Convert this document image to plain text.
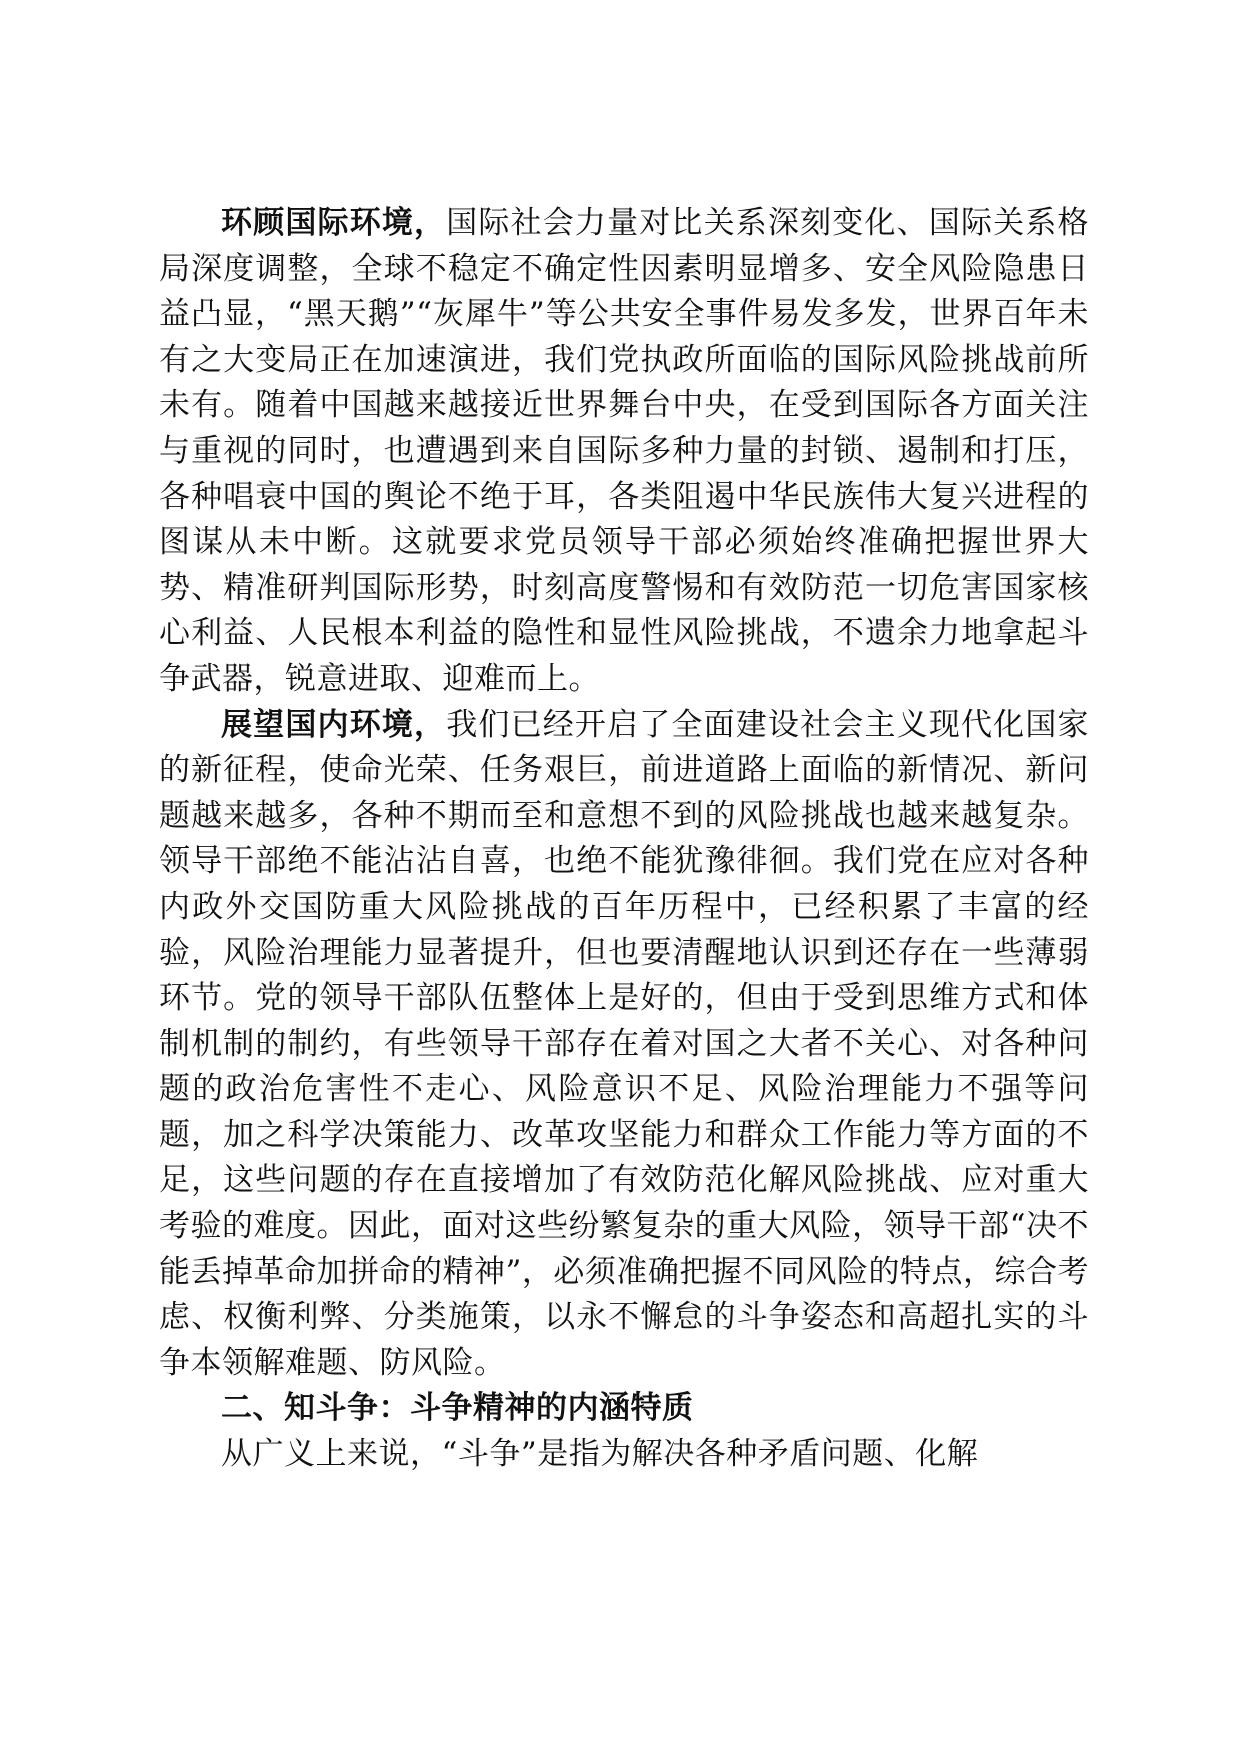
环顾国际环境，国际社会力量对比关系深刻变化、国际关系格局深度调整，全球不稳定不确定性因素明显增多、安全风险隐患日益凸显，“黑天鹅”“灰犀牛”等公共安全事件易发多发，世界百年未有之大变局正在加速演进，我们党执政所面临的国际风险挑战前所未有。随着中国越来越接近世界舞台中央，在受到国际各方面关注与重视的同时，也遭遇到来自国际多种力量的封锁、遏制和打压，各种唱衰中国的舆论不绝于耳，各类阻遏中华民族伟大复兴进程的图谋从未中断。这就要求党员领导干部必须始终准确把握世界大势、精准研判国际形势，时刻高度警惕和有效防范一切危害国家核心利益、人民根本利益的隐性和显性风险挑战，不遗余力地拿起斗争武器，锐意进取、迎难而上。

展望国内环境，我们已经开启了全面建设社会主义现代化国家的新征程，使命光荣、任务艰巨，前进道路上面临的新情况、新问题越来越多，各种不期而至和意想不到的风险挑战也越来越复杂。领导干部绝不能沾沾自喜，也绝不能犹豫徘徊。我们党在应对各种内政外交国防重大风险挑战的百年历程中，已经积累了丰富的经验，风险治理能力显著提升，但也要清醒地认识到还存在一些薄弱环节。党的领导干部队伍整体上是好的，但由于受到思维方式和体制机制的制约，有些领导干部存在着对国之大者不关心、对各种问题的政治危害性不走心、风险意识不足、风险治理能力不强等问题，加之科学决策能力、改革攻坚能力和群众工作能力等方面的不足，这些问题的存在直接增加了有效防范化解风险挑战、应对重大考验的难度。因此，面对这些纷繁复杂的重大风险，领导干部“决不能丢掉革命加拼命的精神”，必须准确把握不同风险的特点，综合考虑、权衡利弊、分类施策，以永不懈怠的斗争姿态和高超扎实的斗争本领解难题、防风险。

二、知斗争：斗争精神的内涵特质

从广义上来说，“斗争”是指为解决各种矛盾问题、化解
